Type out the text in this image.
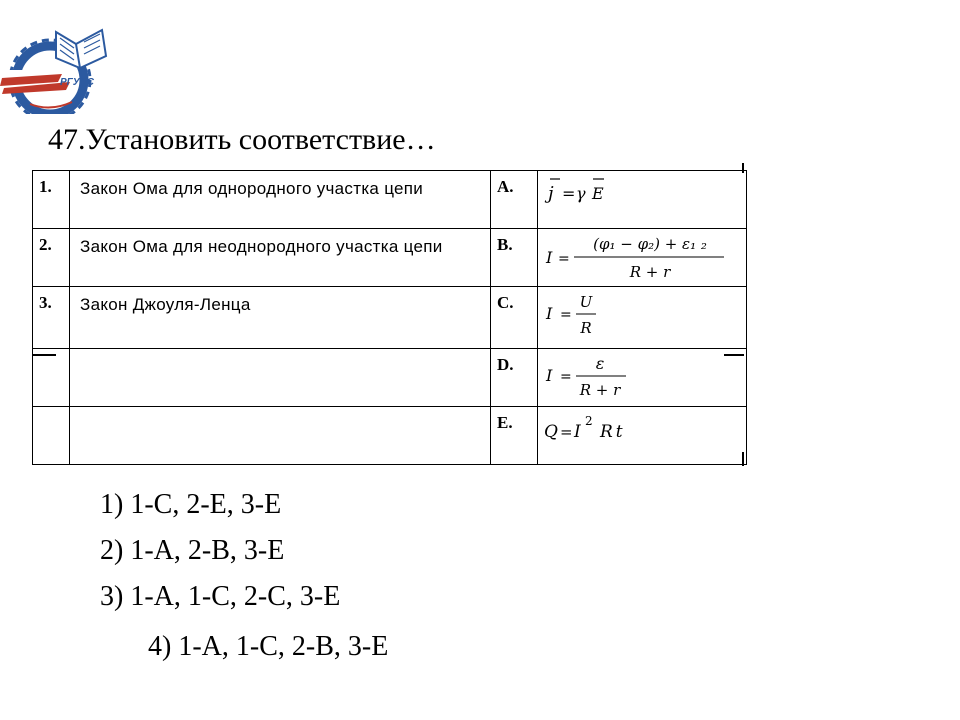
РГУПС
47.Установить соответствие…
1.	Закон Ома для однородного участка цепи	A.	j = γ E

2.	Закон Ома для неоднородного участка цепи	B.	I =
(φ₁ − φ₂) + ε₁ ₂
R + r

3.	Закон Джоуля-Ленца	C.	I =
U
R

		D.	I =
ε
R + r

		E.	Q = I
2
Rt
1) 1-C, 2-E, 3-E
2) 1-A, 2-B, 3-E
3) 1-A, 1-C, 2-C, 3-E
4) 1-A, 1-C, 2-B, 3-E
